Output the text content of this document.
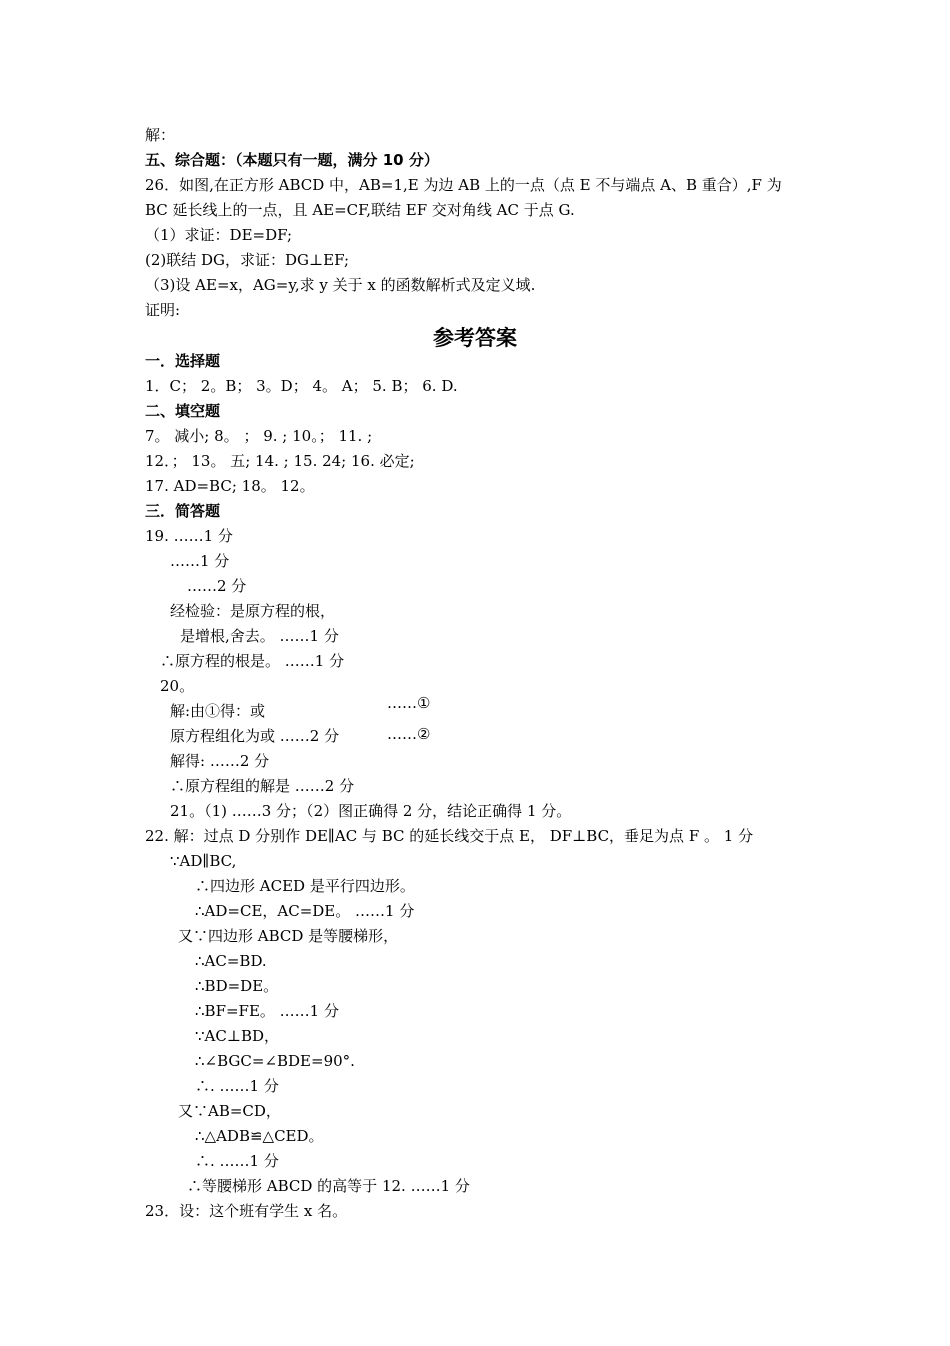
解：
五、综合题：（本题只有一题，满分 10 分）
26．如图,在正方形 ABCD 中，AB=1,E 为边 AB 上的一点（点 E 不与端点 A、B 重合）,F 为
BC 延长线上的一点，且 AE=CF,联结 EF 交对角线 AC 于点 G.
（1）求证：DE=DF;
(2)联结 DG，求证：DG⊥EF;
（3)设 AE=x，AG=y,求 y 关于 x 的函数解析式及定义域.
证明:
一．选择题
1．C； 2。B； 3。D； 4。 A； 5. B； 6. D.
二、填空题
7。 减小; 8。 ； 9. ; 10。； 11. ;
12．； 13。 五; 14. ; 15. 24; 16. 必定;
17. AD=BC; 18。 12。
三．简答题
19. ……1 分
……1 分
……2 分
经检验：是原方程的根，
是增根,舍去。 ……1 分
∴原方程的根是。 ……1 分
20。
……①
解:由①得：或
原方程组化为或 ……2 分	……②
解得: ……2 分
∴原方程组的解是 ……2 分
21。（1) ……3 分；（2）图正确得 2 分，结论正确得 1 分。
22. 解：过点 D 分别作 DE∥AC 与 BC 的延长线交于点 E， DF⊥BC，垂足为点 F 。 1 分
∵AD∥BC,
∴四边形 ACED 是平行四边形。
∴AD=CE，AC=DE。 ……1 分
又∵四边形 ABCD 是等腰梯形，
∴AC=BD.
∴BD=DE。
∴BF=FE。 ……1 分
∵AC⊥BD，
∴∠BGC=∠BDE=90°.
∴. ……1 分
又∵AB=CD，
∴△ADB≌△CED。
∴. ……1 分
∴等腰梯形 ABCD 的高等于 12. ……1 分
23．设：这个班有学生 x 名。
参考答案
